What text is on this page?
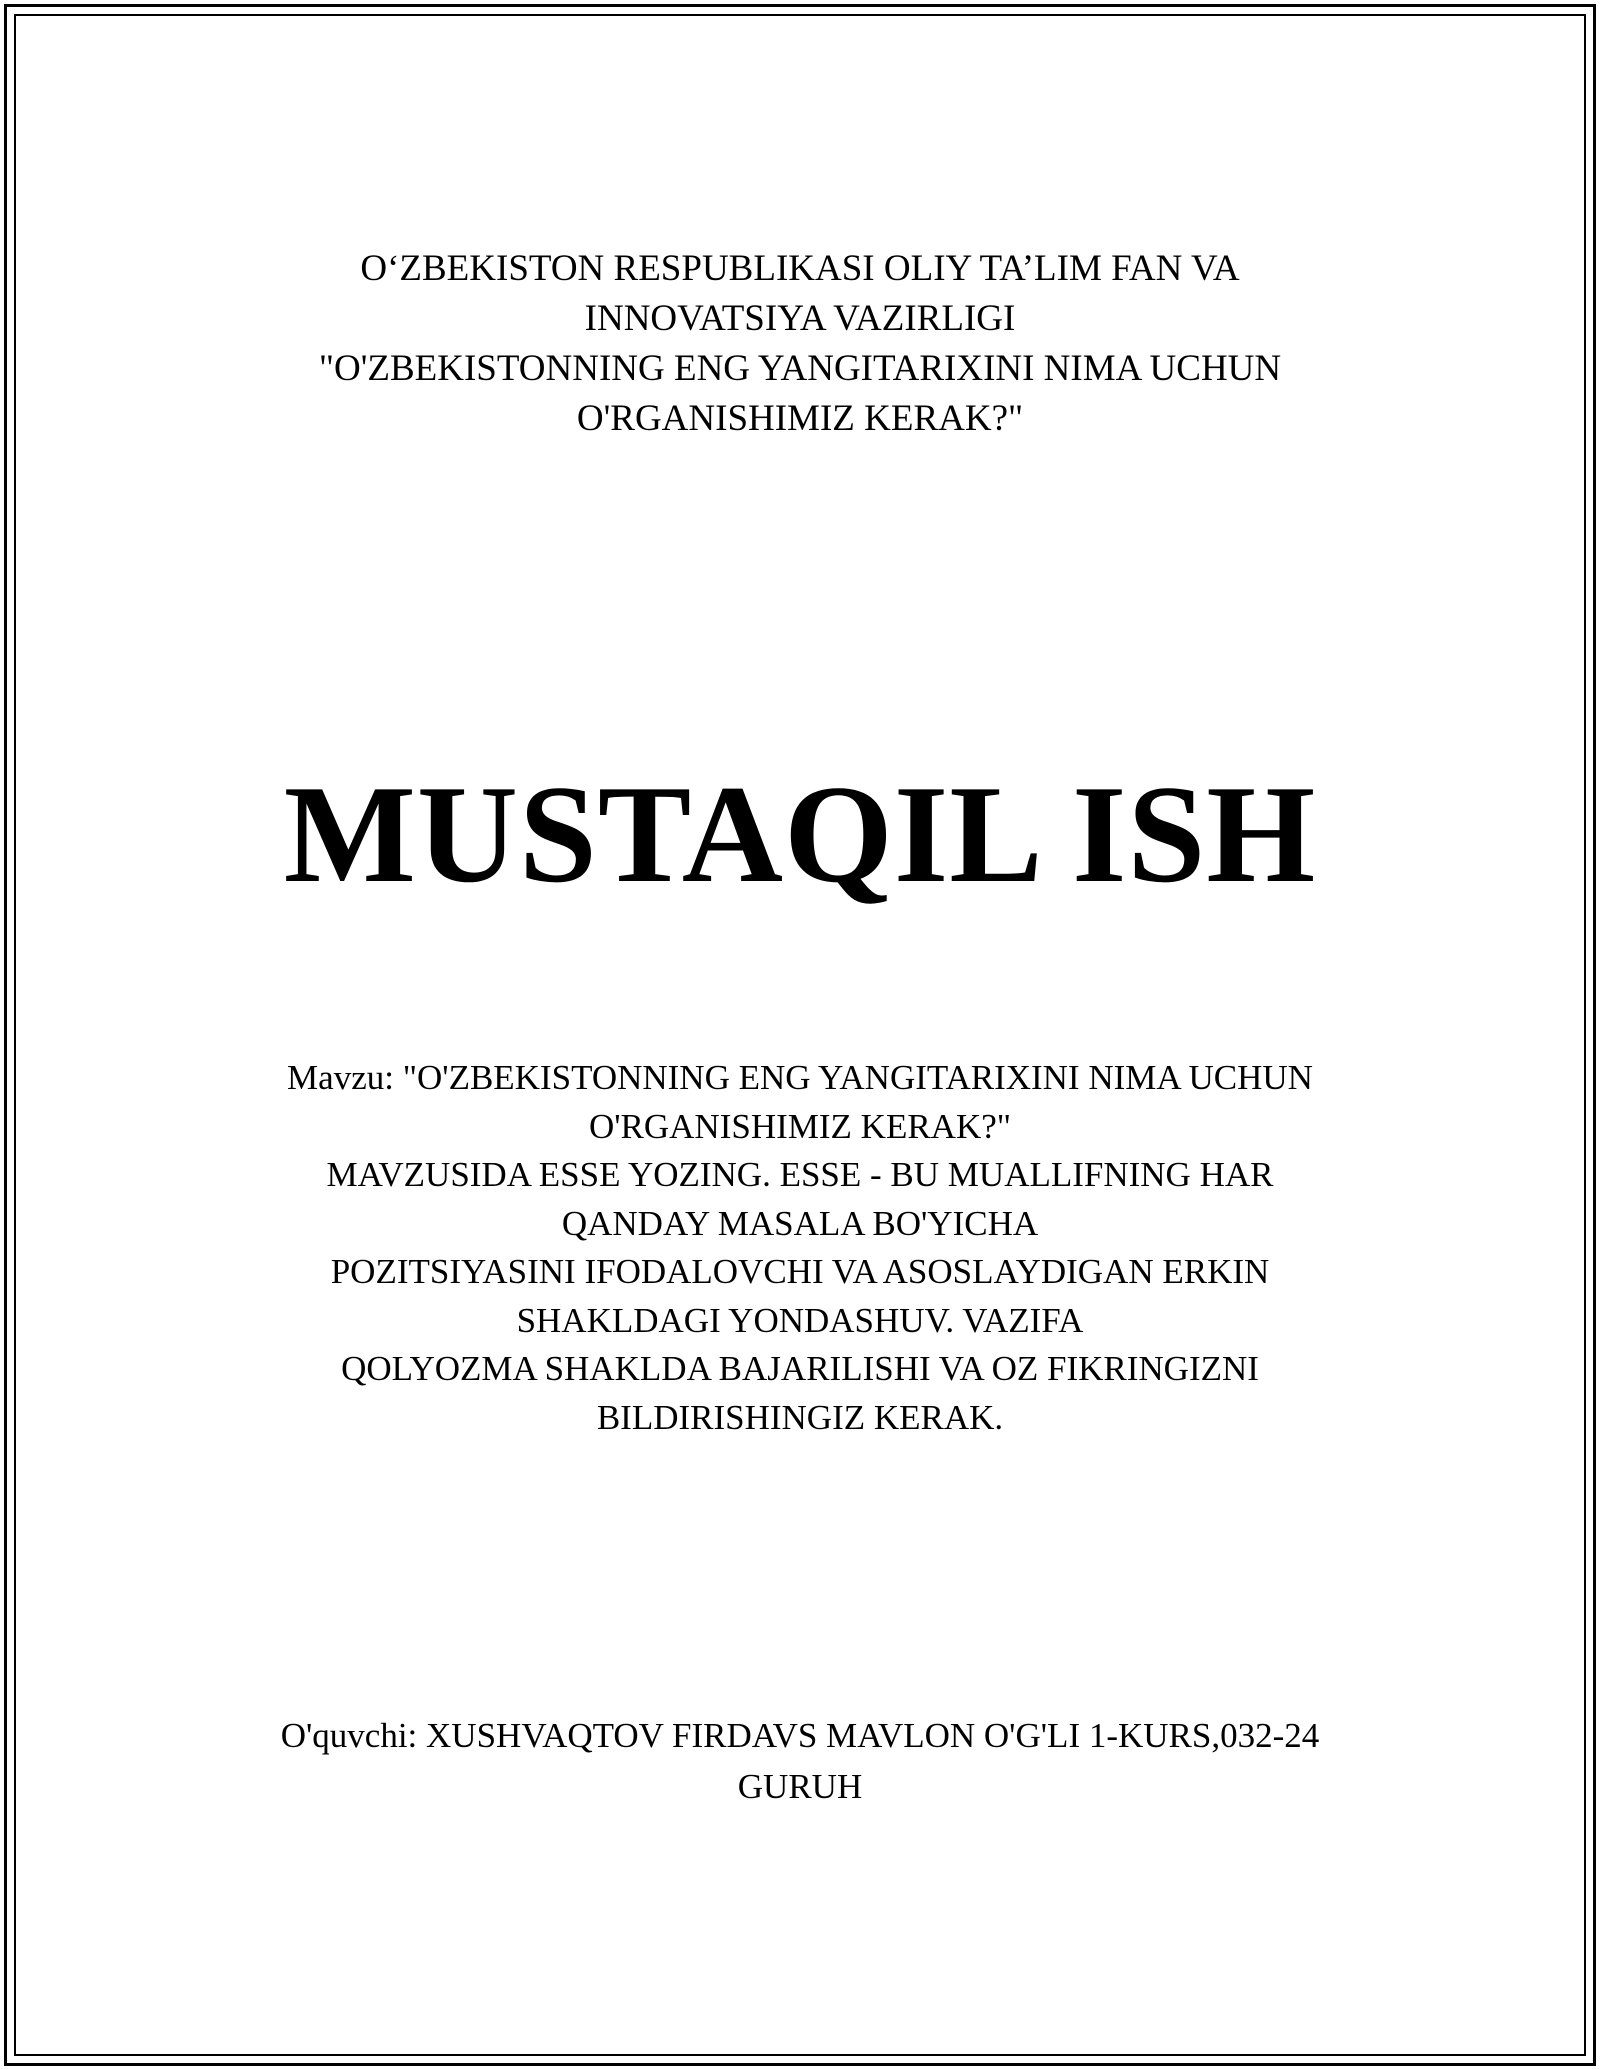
O‘ZBEKISTON RESPUBLIKASI OLIY TA’LIM FAN VA
INNOVATSIYA VAZIRLIGI
"O'ZBEKISTONNING ENG YANGITARIXINI NIMA UCHUN
O'RGANISHIMIZ KERAK?"
MUSTAQIL ISH
Mavzu: "O'ZBEKISTONNING ENG YANGITARIXINI NIMA UCHUN
O'RGANISHIMIZ KERAK?"
MAVZUSIDA ESSE YOZING. ESSE - BU MUALLIFNING HAR
QANDAY MASALA BO'YICHA
POZITSIYASINI IFODALOVCHI VA ASOSLAYDIGAN ERKIN
SHAKLDAGI YONDASHUV. VAZIFA
QOLYOZMA SHAKLDA BAJARILISHI VA OZ FIKRINGIZNI
BILDIRISHINGIZ KERAK.
O'quvchi: XUSHVAQTOV FIRDAVS MAVLON O'G'LI 1-KURS,032-24
GURUH
